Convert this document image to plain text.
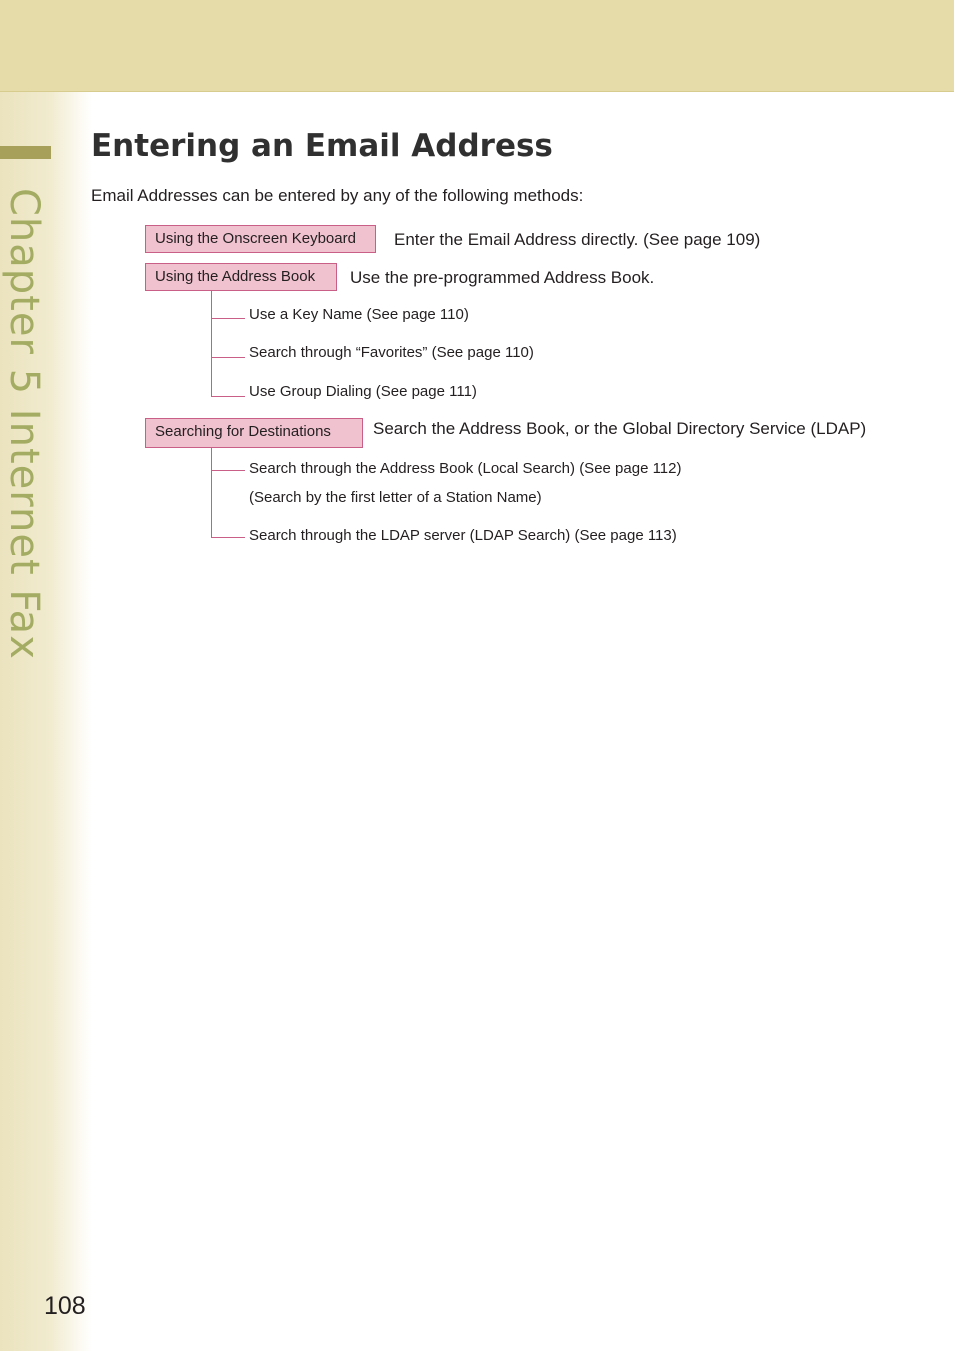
Chapter 5 Internet Fax
Entering an Email Address
Email Addresses can be entered by any of the following methods:
Using the Onscreen Keyboard	Enter the Email Address directly. (See page 109)
Using the Address Book	Use the pre-programmed Address Book.
Use a Key Name (See page 110)
Search through “Favorites” (See page 110)
Use Group Dialing (See page 111)
Searching for Destinations	Search the Address Book, or the Global Directory Service (LDAP)
Search through the Address Book (Local Search) (See page 112)
(Search by the first letter of a Station Name)
Search through the LDAP server (LDAP Search) (See page 113)
108
